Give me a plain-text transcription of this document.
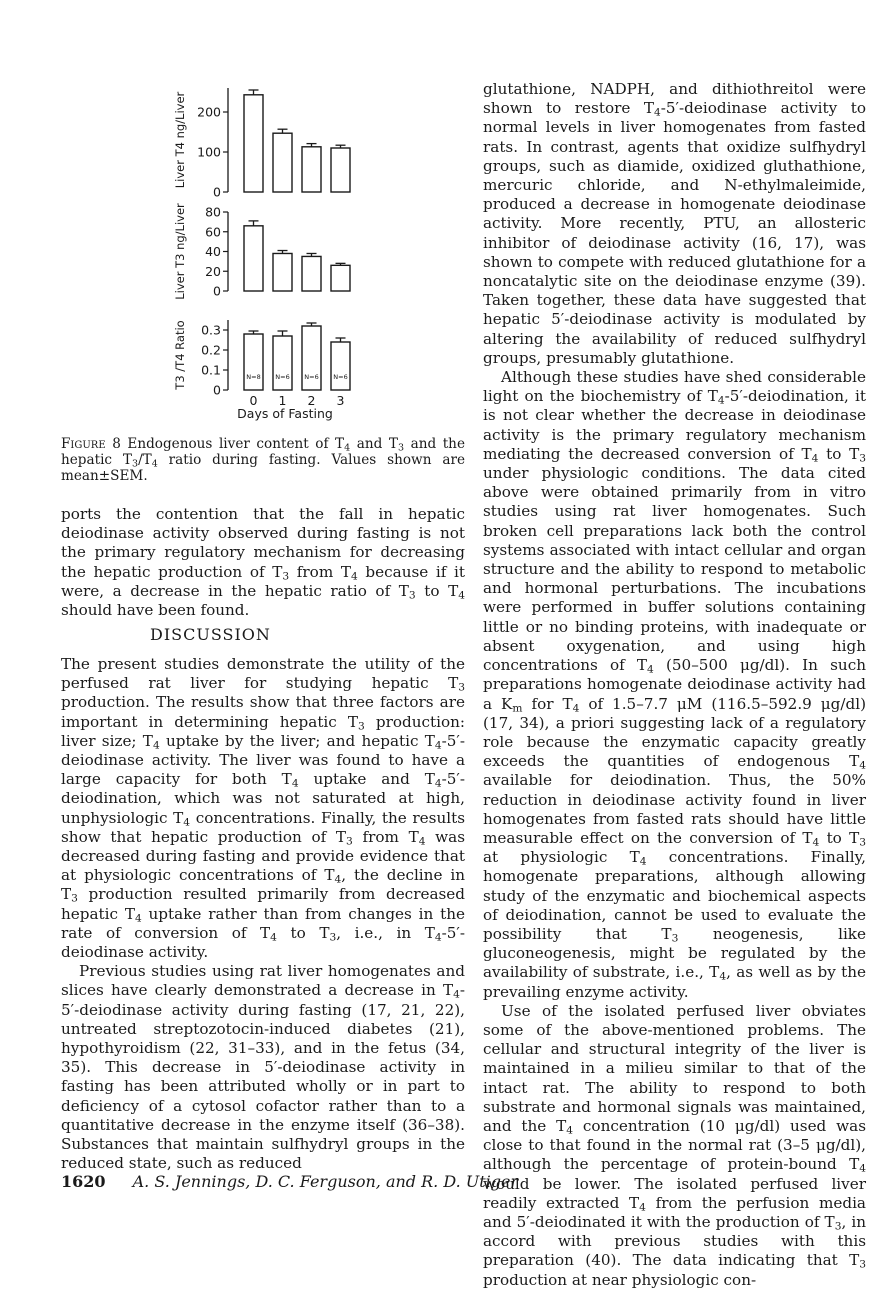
0
100
200
Liver T4 ng/Liver
0
20
40
60
80
Liver T3 ng/Liver
0
0.1
0.2
0.3
T3 /T4 Ratio	N=8
0
N=6
1
N=6
2
N=6
3
Days of Fasting
Figure 8 Endogenous liver content of $T_4$ and $T_3$ and the hepatic $T_3/T_4$ ratio during fasting. Values shown are mean±SEM.

ports the contention that the fall in hepatic deiodinase activity observed during fasting is not the primary regulatory mechanism for decreasing the hepatic production of $T_3$ from $T_4$ because if it were, a decrease in the hepatic ratio of $T_3$ to $T_4$ should have been found.

DISCUSSION

The present studies demonstrate the utility of the perfused rat liver for studying hepatic $T_3$ production. The results show that three factors are important in determining hepatic $T_3$ production: liver size; $T_4$ uptake by the liver; and hepatic $T_4-5'$-deiodinase activity. The liver was found to have a large capacity for both $T_4$ uptake and $T_4-5'$-deiodination, which was not saturated at high, unphysiologic $T_4$ concentrations. Finally, the results show that hepatic production of $T_3$ from $T_4$ was decreased during fasting and provide evidence that at physiologic concentrations of $T_4$, the decline in $T_3$ production resulted primarily from decreased hepatic $T_4$ uptake rather than from changes in the rate of conversion of $T_4$ to $T_3$, i.e., in $T_4-5'$-deiodinase activity.

Previous studies using rat liver homogenates and slices have clearly demonstrated a decrease in $T_4-5'$-deiodinase activity during fasting (17, 21, 22), untreated streptozotocin-induced diabetes (21), hypothyroidism (22, 31–33), and in the fetus (34, 35). This decrease in 5′-deiodinase activity in fasting has been attributed wholly or in part to deficiency of a cytosol cofactor rather than to a quantitative decrease in the enzyme itself (36–38). Substances that maintain sulfhydryl groups in the reduced state, such as reduced

glutathione, NADPH, and dithiothreitol were shown to restore $T_4-5'$-deiodinase activity to normal levels in liver homogenates from fasted rats. In contrast, agents that oxidize sulfhydryl groups, such as diamide, oxidized gluthathione, mercuric chloride, and N-ethylmaleimide, produced a decrease in homogenate deiodinase activity. More recently, PTU, an allosteric inhibitor of deiodinase activity (16, 17), was shown to compete with reduced glutathione for a noncatalytic site on the deiodinase enzyme (39). Taken together, these data have suggested that hepatic 5′-deiodinase activity is modulated by altering the availability of reduced sulfhydryl groups, presumably glutathione.

Although these studies have shed considerable light on the biochemistry of $T_4-5'$-deiodination, it is not clear whether the decrease in deiodinase activity is the primary regulatory mechanism mediating the decreased conversion of $T_4$ to $T_3$ under physiologic conditions. The data cited above were obtained primarily from in vitro studies using rat liver homogenates. Such broken cell preparations lack both the control systems associated with intact cellular and organ structure and the ability to respond to metabolic and hormonal perturbations. The incubations were performed in buffer solutions containing little or no binding proteins, with inadequate or absent oxygenation, and using high concentrations of $T_4$ (50–500 μg/dl). In such preparations homogenate deiodinase activity had a $K_m$ for $T_4$ of 1.5–7.7 μM (116.5–592.9 μg/dl) (17, 34), a priori suggesting lack of a regulatory role because the enzymatic capacity greatly exceeds the quantities of endogenous $T_4$ available for deiodination. Thus, the 50% reduction in deiodinase activity found in liver homogenates from fasted rats should have little measurable effect on the conversion of $T_4$ to $T_3$ at physiologic $T_4$ concentrations. Finally, homogenate preparations, although allowing study of the enzymatic and biochemical aspects of deiodination, cannot be used to evaluate the possibility that $T_3$ neogenesis, like gluconeogenesis, might be regulated by the availability of substrate, i.e., $T_4$, as well as by the prevailing enzyme activity.

Use of the isolated perfused liver obviates some of the above-mentioned problems. The cellular and structural integrity of the liver is maintained in a milieu similar to that of the intact rat. The ability to respond to both substrate and hormonal signals was maintained, and the $T_4$ concentration (10 μg/dl) used was close to that found in the normal rat (3–5 μg/dl), although the percentage of protein-bound $T_4$ would be lower. The isolated perfused liver readily extracted $T_4$ from the perfusion media and 5′-deiodinated it with the production of $T_3$, in accord with previous studies with this preparation (40). The data indicating that $T_3$ production at near physiologic con-

1620 A. S. Jennings, D. C. Ferguson, and R. D. Utiger
